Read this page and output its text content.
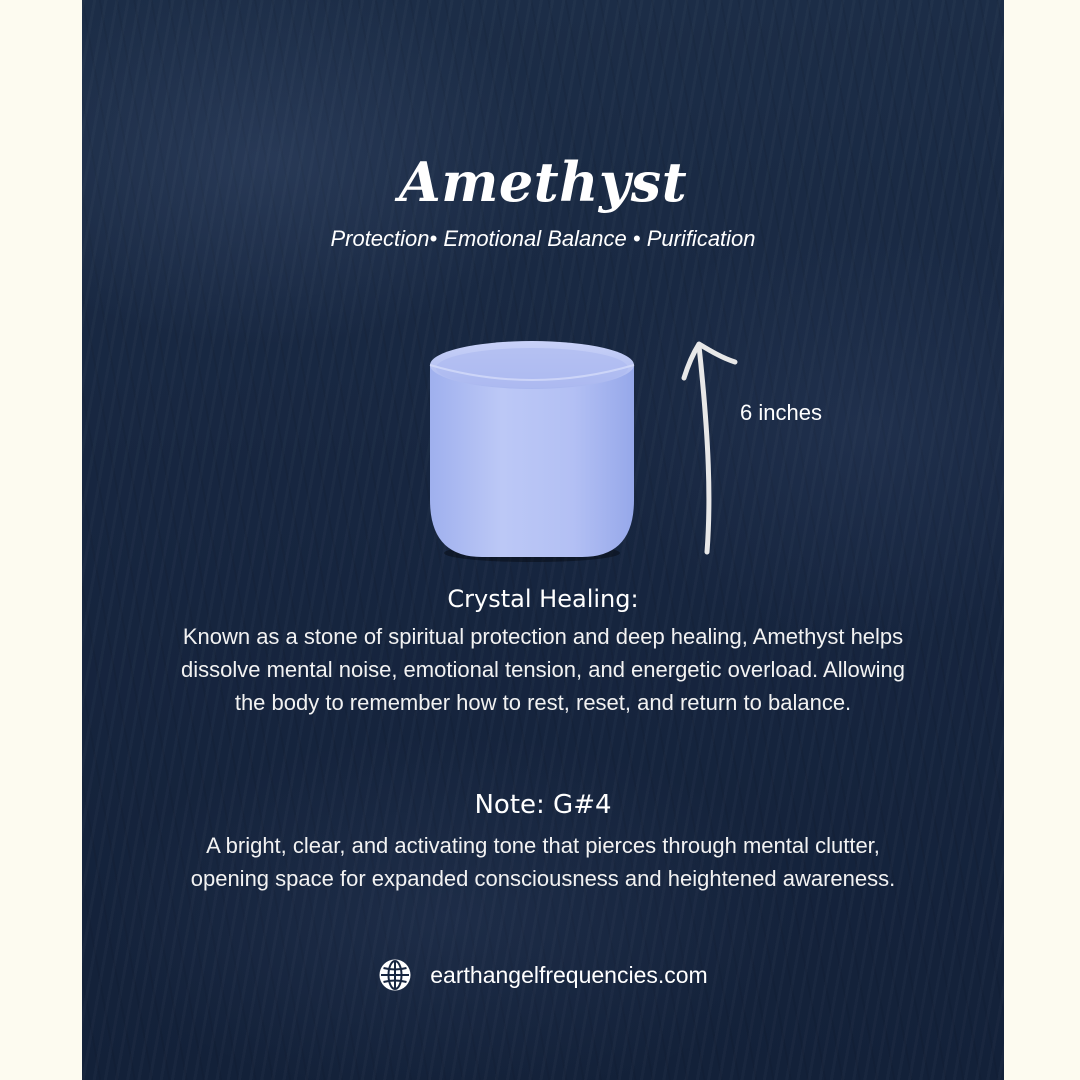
Amethyst
Protection• Emotional Balance • Purification
6 inches
Crystal Healing:

Known as a stone of spiritual protection and deep healing, Amethyst helps dissolve mental noise, emotional tension, and energetic overload. Allowing the body to remember how to rest, reset, and return to balance.

Note: G#4

A bright, clear, and activating tone that pierces through mental clutter, opening space for expanded consciousness and heightened awareness.

earthangelfrequencies.com
